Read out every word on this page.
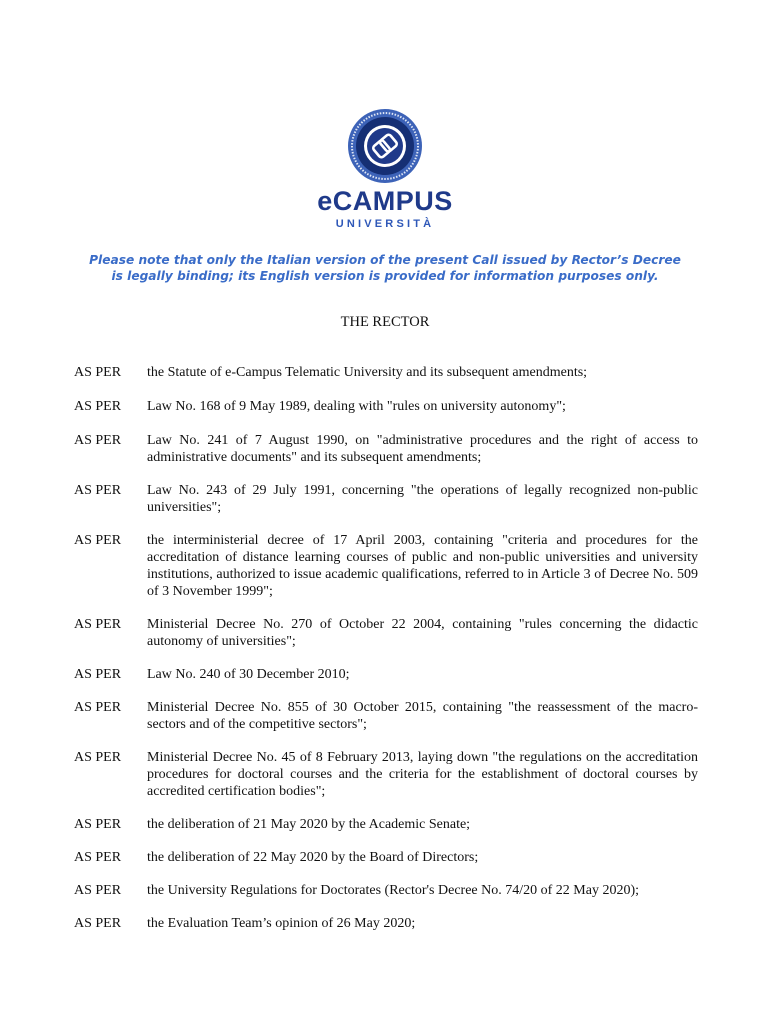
eCAMPUS
UNIVERSITÀ
Please note that only the Italian version of the present Call issued by Rector’s Decree
is legally binding; its English version is provided for information purposes only.
THE RECTOR
AS PER	the Statute of e-Campus Telematic University and its subsequent amendments;
AS PER	Law No. 168 of 9 May 1989, dealing with "rules on university autonomy";
AS PER	Law No. 241 of 7 August 1990, on "administrative procedures and the right of access to administrative documents" and its subsequent amendments;
AS PER	Law No. 243 of 29 July 1991, concerning "the operations of legally recognized non-public universities";
AS PER	the interministerial decree of 17 April 2003, containing "criteria and procedures for the accreditation of distance learning courses of public and non-public universities and university institutions, authorized to issue academic qualifications, referred to in Article 3 of Decree No. 509 of 3 November 1999";
AS PER	Ministerial Decree No. 270 of October 22 2004, containing "rules concerning the didactic autonomy of universities";
AS PER	Law No. 240 of 30 December 2010;
AS PER	Ministerial Decree No. 855 of 30 October 2015, containing "the reassessment of the macro-sectors and of the competitive sectors";
AS PER	Ministerial Decree No. 45 of 8 February 2013, laying down "the regulations on the accreditation procedures for doctoral courses and the criteria for the establishment of doctoral courses by accredited certification bodies";
AS PER	the deliberation of 21 May 2020 by the Academic Senate;
AS PER	the deliberation of 22 May 2020 by the Board of Directors;
AS PER	the University Regulations for Doctorates (Rector's Decree No. 74/20 of 22 May 2020);
AS PER	the Evaluation Team’s opinion of 26 May 2020;
